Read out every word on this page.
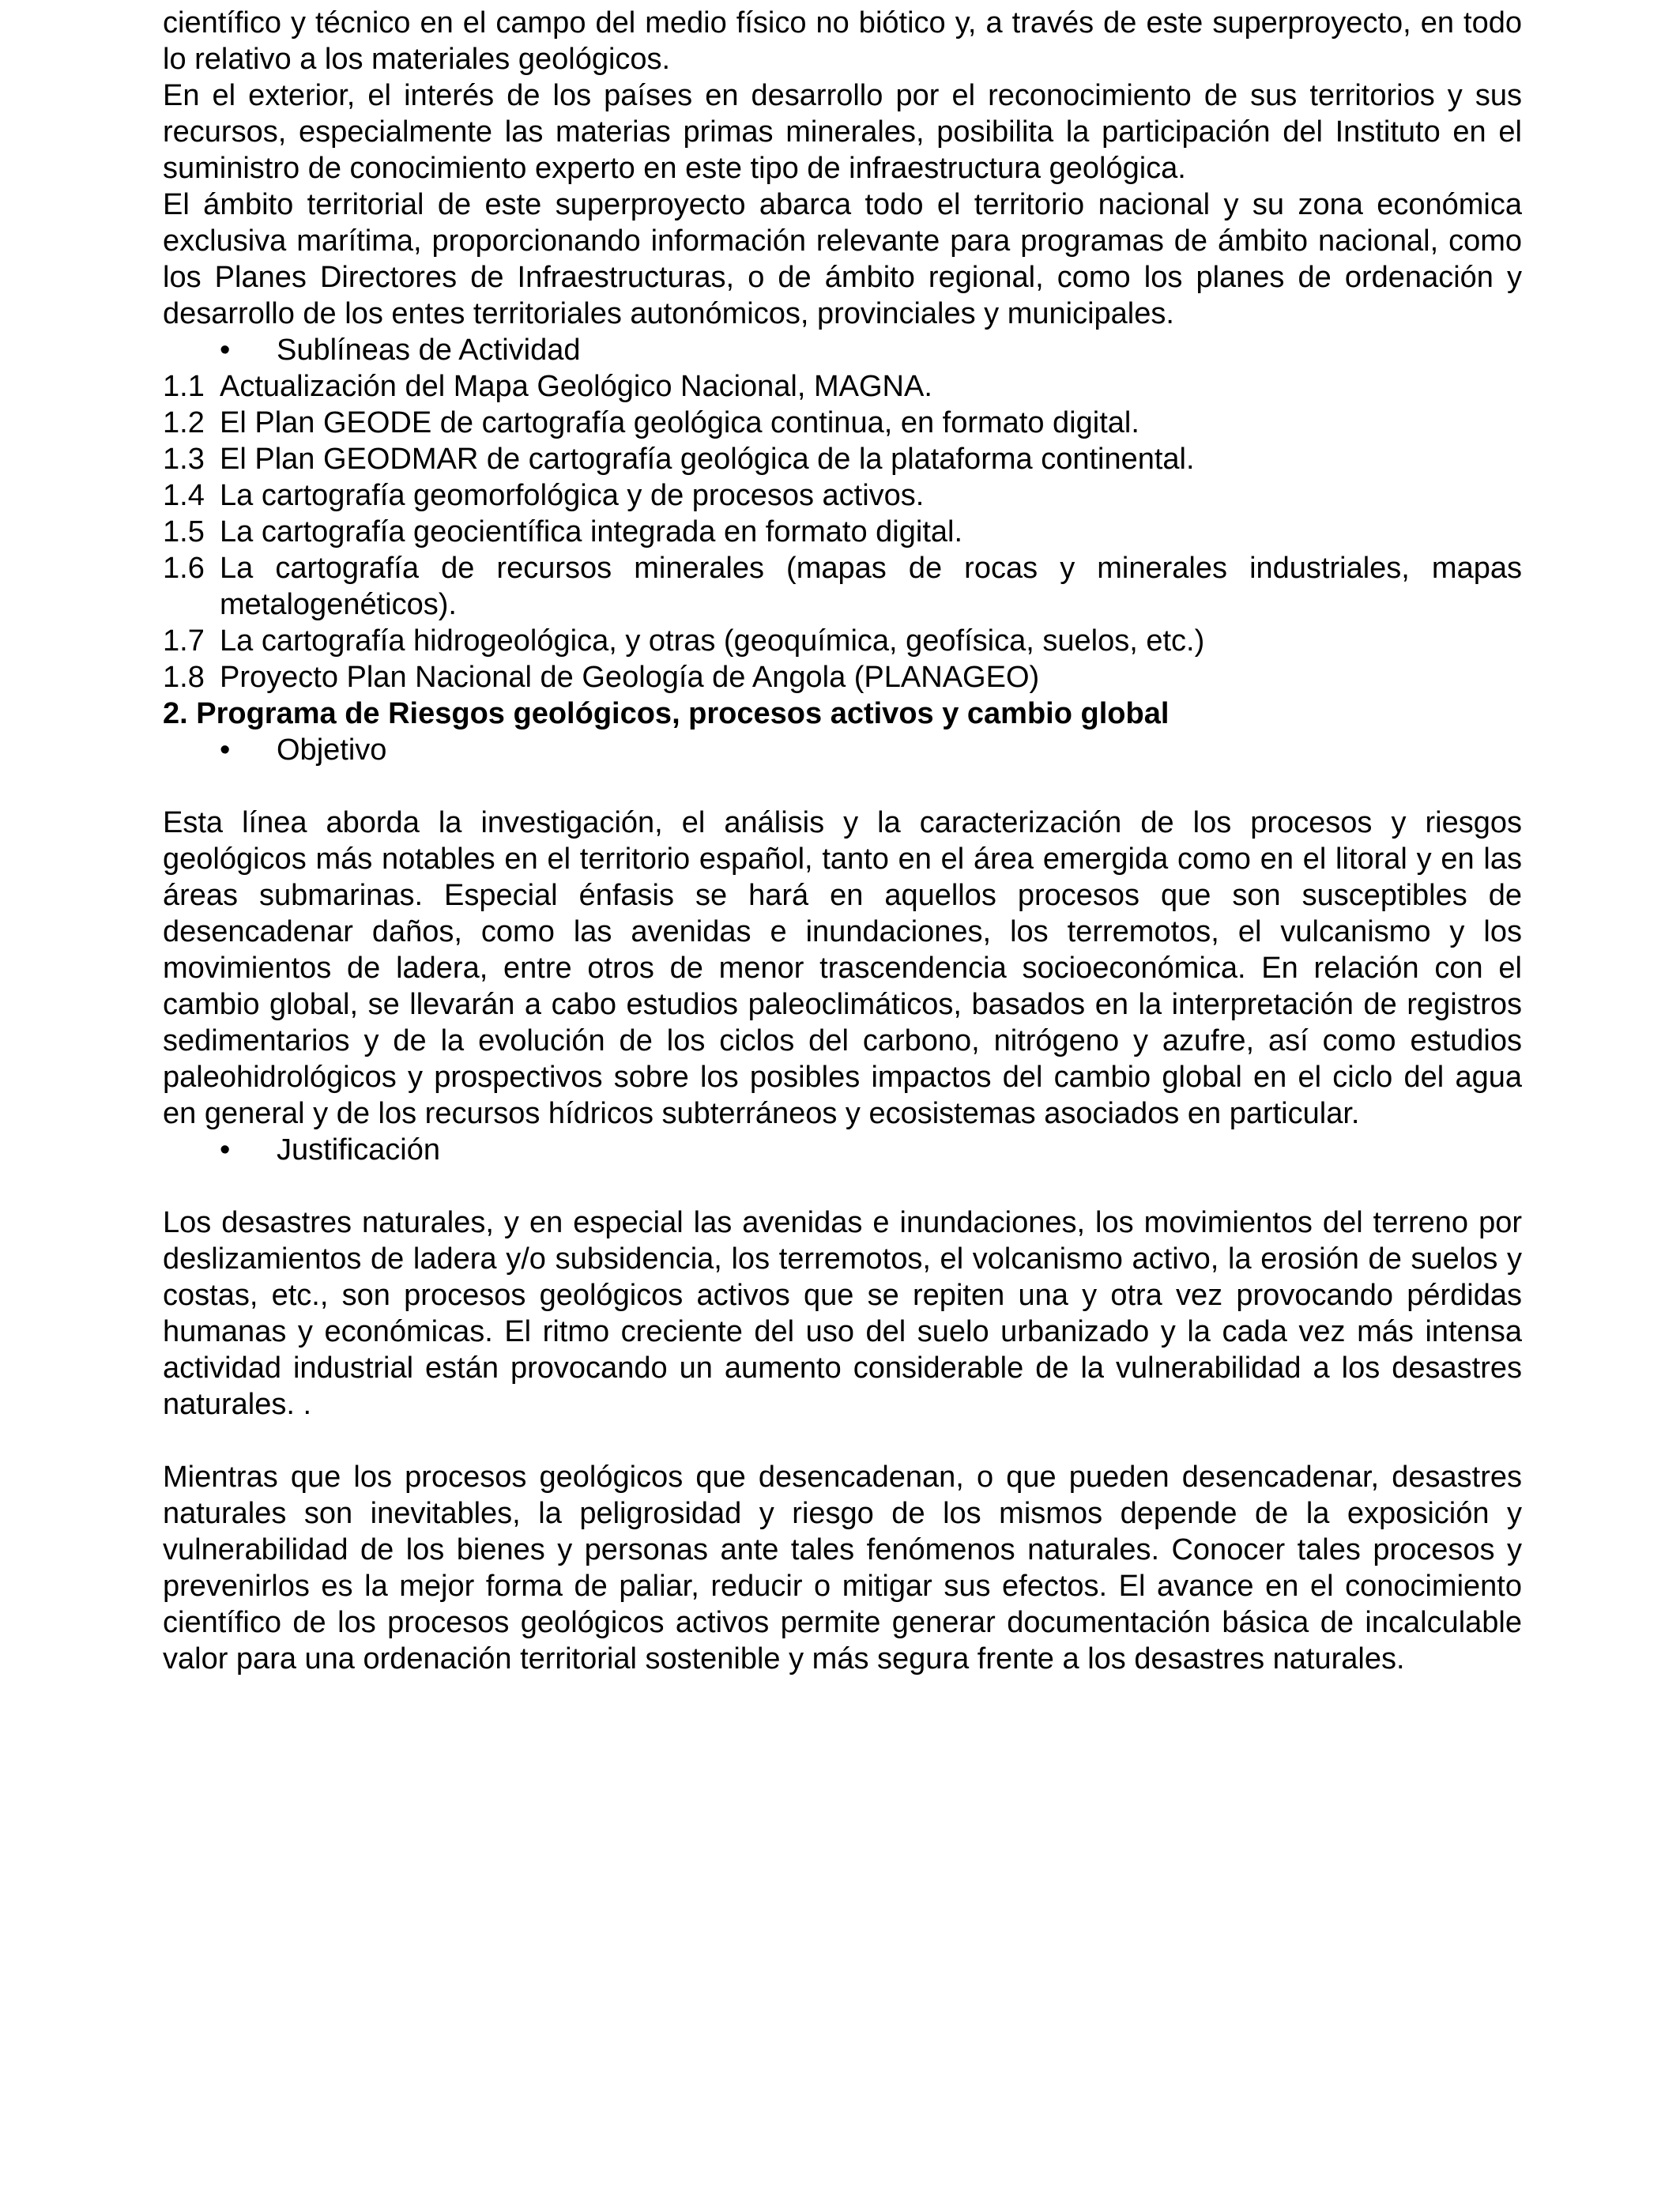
científico y técnico en el campo del medio físico no biótico y, a través de este superproyecto, en todo lo relativo a los materiales geológicos.

En el exterior, el interés de los países en desarrollo por el reconocimiento de sus territorios y sus recursos, especialmente las materias primas minerales, posibilita la participación del Instituto en el suministro de conocimiento experto en este tipo de infraestructura geológica.

El ámbito territorial de este superproyecto abarca todo el territorio nacional y su zona económica exclusiva marítima, proporcionando información relevante para programas de ámbito nacional, como los Planes Directores de Infraestructuras, o de ámbito regional, como los planes de ordenación y desarrollo de los entes territoriales autonómicos, provinciales y municipales.

• Sublíneas de Actividad
1.1 Actualización del Mapa Geológico Nacional, MAGNA.
1.2 El Plan GEODE de cartografía geológica continua, en formato digital.
1.3 El Plan GEODMAR de cartografía geológica de la plataforma continental.
1.4 La cartografía geomorfológica y de procesos activos.
1.5 La cartografía geocientífica integrada en formato digital.
1.6 La cartografía de recursos minerales (mapas de rocas y minerales industriales, mapas metalogenéticos).
1.7 La cartografía hidrogeológica, y otras (geoquímica, geofísica, suelos, etc.)
1.8 Proyecto Plan Nacional de Geología de Angola (PLANAGEO)
2. Programa de Riesgos geológicos, procesos activos y cambio global
• Objetivo

Esta línea aborda la investigación, el análisis y la caracterización de los procesos y riesgos geológicos más notables en el territorio español, tanto en el área emergida como en el litoral y en las áreas submarinas. Especial énfasis se hará en aquellos procesos que son susceptibles de desencadenar daños, como las avenidas e inundaciones, los terremotos, el vulcanismo y los movimientos de ladera, entre otros de menor trascendencia socioeconómica. En relación con el cambio global, se llevarán a cabo estudios paleoclimáticos, basados en la interpretación de registros sedimentarios y de la evolución de los ciclos del carbono, nitrógeno y azufre, así como estudios paleohidrológicos y prospectivos sobre los posibles impactos del cambio global en el ciclo del agua en general y de los recursos hídricos subterráneos y ecosistemas asociados en particular.

• Justificación

Los desastres naturales, y en especial las avenidas e inundaciones, los movimientos del terreno por deslizamientos de ladera y/o subsidencia, los terremotos, el volcanismo activo, la erosión de suelos y costas, etc., son procesos geológicos activos que se repiten una y otra vez provocando pérdidas humanas y económicas. El ritmo creciente del uso del suelo urbanizado y la cada vez más intensa actividad industrial están provocando un aumento considerable de la vulnerabilidad a los desastres naturales. .

Mientras que los procesos geológicos que desencadenan, o que pueden desencadenar, desastres naturales son inevitables, la peligrosidad y riesgo de los mismos depende de la exposición y vulnerabilidad de los bienes y personas ante tales fenómenos naturales. Conocer tales procesos y prevenirlos es la mejor forma de paliar, reducir o mitigar sus efectos. El avance en el conocimiento científico de los procesos geológicos activos permite generar documentación básica de incalculable valor para una ordenación territorial sostenible y más segura frente a los desastres naturales.
